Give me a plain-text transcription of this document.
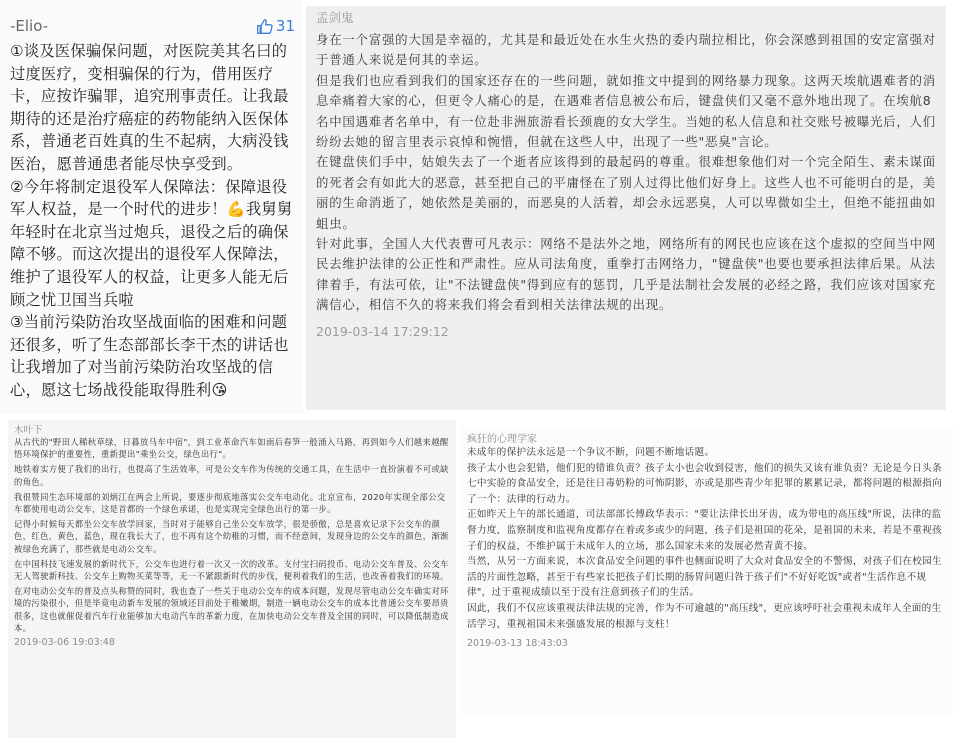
-Elio-	31

①谈及医保骗保问题，对医院美其名曰的过度医疗，变相骗保的行为，借用医疗卡，应按诈骗罪，追究刑事责任。让我最期待的还是治疗癌症的药物能纳入医保体系，普通老百姓真的生不起病，大病没钱医治，愿普通患者能尽快享受到。

②今年将制定退役军人保障法：保障退役军人权益，是一个时代的进步！💪我舅舅年轻时在北京当过炮兵，退役之后的确保障不够。而这次提出的退役军人保障法，维护了退役军人的权益，让更多人能无后顾之忧卫国当兵啦

③当前污染防治攻坚战面临的困难和问题还很多，听了生态部部长李干杰的讲话也让我增加了对当前污染防治攻坚战的信心，愿这七场战役能取得胜利😘

孟剑鬼

身在一个富强的大国是幸福的，尤其是和最近处在水生火热的委内瑞拉相比，你会深感到祖国的安定富强对于普通人来说是何其的幸运。

但是我们也应看到我们的国家还存在的一些问题，就如推文中提到的网络暴力现象。这两天埃航遇难者的消息牵痛着大家的心，但更令人痛心的是，在遇难者信息被公布后，键盘侠们又毫不意外地出现了。在埃航8名中国遇难者名单中，有一位赴非洲旅游看长颈鹿的女大学生。当她的私人信息和社交账号被曝光后，人们纷纷去她的留言里表示哀悼和惋惜，但就在这些人中，出现了一些"恶臭"言论。

在键盘侠们手中，姑娘失去了一个逝者应该得到的最起码的尊重。很难想象他们对一个完全陌生、素未谋面的死者会有如此大的恶意，甚至把自己的平庸怪在了别人过得比他们好身上。这些人也不可能明白的是，美丽的生命消逝了，她依然是美丽的，而恶臭的人活着，却会永远恶臭，人可以卑微如尘土，但绝不能扭曲如蛆虫。

针对此事，全国人大代表曹可凡表示：网络不是法外之地，网络所有的网民也应该在这个虚拟的空间当中网民去维护法律的公正性和严肃性。应从司法角度，重拳打击网络力，"键盘侠"也要也要承担法律后果。从法律着手，有法可依，让"不法键盘侠"得到应有的惩罚，几乎是法制社会发展的必经之路，我们应该对国家充满信心，相信不久的将来我们将会看到相关法律法规的出现。

2019-03-14 17:29:12
木叶下

从古代的"野田人稀秋草绿，日暮放马车中宿"，到工业革命汽车如雨后春笋一般涌入马路，再到如今人们越来越醒悟环境保护的重要性，重新提出"乘坐公交，绿色出行"。

地铁着实方便了我们的出行，也提高了生活效率，可是公交车作为传统的交通工具，在生活中一直扮演着不可或缺的角色。

我很赞同生态环境部的刘炳江在两会上所说，要逐步彻底地落实公交车电动化。北京宣布，2020年实现全部公交车都使用电动公交车，这是首都的一个绿色承诺，也是实现完全绿色出行的第一步。

记得小时候每天都坐公交车放学回家，当时对于能够自己坐公交车放学，很是骄傲，总是喜欢记录下公交车的颜色，红色，黄色，蓝色，现在我长大了，也不再有这个幼稚的习惯，而不经意间，发现身边的公交车的颜色，渐渐被绿色充满了，那些就是电动公交车。

在中国科技飞速发展的新时代下，公交车也进行着一次又一次的改革。支付宝扫码投币、电动公交车普及、公交车无人驾驶新科技、公交车上购物买菜等等，无一不紧跟新时代的步伐，便利着我们的生活，也改善着我们的环境。

在对电动公交车的普及点头称赞的同时，我也查了一些关于电动公交车的成本问题，发现尽管电动公交车确实对环境的污染很小，但是毕竟电动新车发展的领域还目前处于稚嫩期，制造一辆电动公交车的成本比普通公交车要昂贵很多，这也就催促着汽车行业能够加大电动汽车的革新力度，在加快电动公交车普及全国的同时，可以降低制造成本。

2019-03-06 19:03:48
疯狂的心理学家

未成年的保护法永远是一个争议不断，问题不断地话题。

孩子太小也会犯错，他们犯的错谁负责？孩子太小也会收到侵害，他们的损失又该有谁负责？无论是今日头条七中实验的食品安全，还是往日毒奶粉的可怖阴影，亦或是那些青少年犯罪的累累记录，都将问题的根源指向了一个：法律的行动力。

正如昨天上午的部长通道，司法部部长傅政华表示："要让法律长出牙齿，成为带电的高压线"所说，法律的监督力度，监察制度和监视角度都存在着或多或少的问题，孩子们是祖国的花朵，是祖国的未来，若是不重视孩子们的权益，不维护属于未成年人的立场，那么国家未来的发展必然青黄不接。

当然，从另一方面来说，本次食品安全问题的事件也侧面说明了大众对食品安全的不警惕，对孩子们在校园生活的片面性忽略，甚至于有些家长把孩子们长期的肠胃问题归咎于孩子们"不好好吃饭"或者"生活作息不规律"，过于重视成绩以至于没有注意到孩子们的生活。

因此，我们不仅应该重视法律法规的完善，作为不可逾越的"高压线"，更应该呼吁社会重视未成年人全面的生活学习，重视祖国未来强盛发展的根源与支柱！

2019-03-13 18:43:03
